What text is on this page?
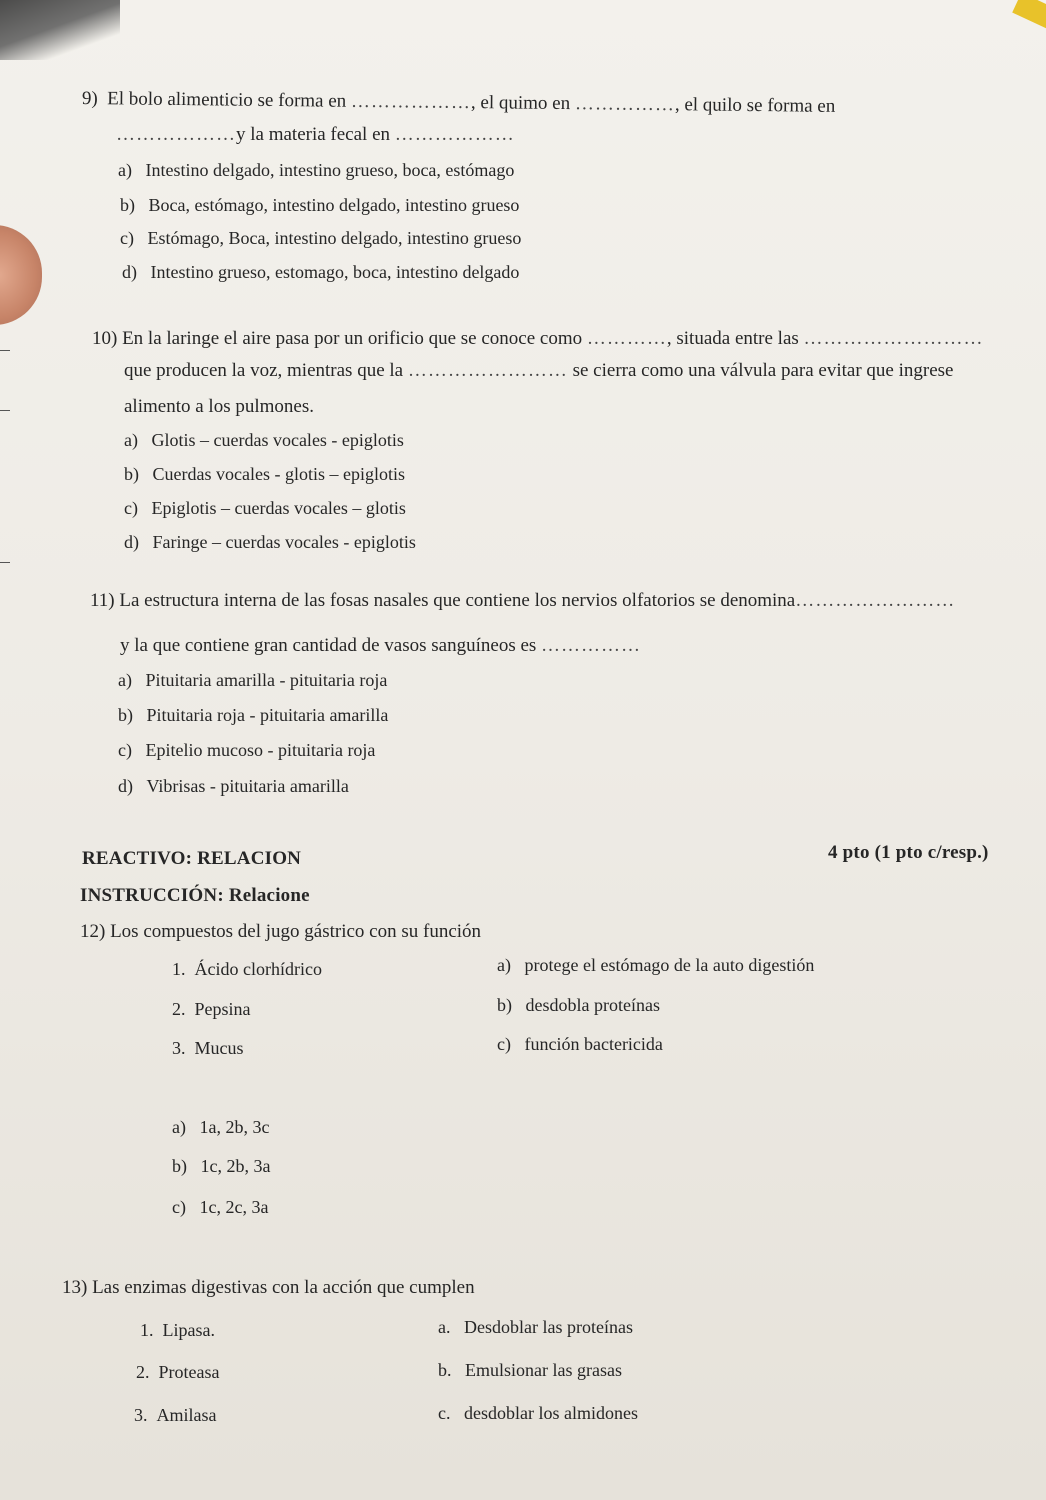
9) El bolo alimenticio se forma en ………………, el quimo en ……………, el quilo se forma en
………………y la materia fecal en ………………
a) Intestino delgado, intestino grueso, boca, estómago
b) Boca, estómago, intestino delgado, intestino grueso
c) Estómago, Boca, intestino delgado, intestino grueso
d) Intestino grueso, estomago, boca, intestino delgado
10) En la laringe el aire pasa por un orificio que se conoce como …………, situada entre las ………………………
que producen la voz, mientras que la …………………… se cierra como una válvula para evitar que ingrese
alimento a los pulmones.
a) Glotis – cuerdas vocales - epiglotis
b) Cuerdas vocales - glotis – epiglotis
c) Epiglotis – cuerdas vocales – glotis
d) Faringe – cuerdas vocales - epiglotis
11) La estructura interna de las fosas nasales que contiene los nervios olfatorios se denomina……………………
y la que contiene gran cantidad de vasos sanguíneos es ……………
a) Pituitaria amarilla - pituitaria roja
b) Pituitaria roja - pituitaria amarilla
c) Epitelio mucoso - pituitaria roja
d) Vibrisas - pituitaria amarilla
REACTIVO: RELACION	4 pto (1 pto c/resp.)
INSTRUCCIÓN: Relacione
12) Los compuestos del jugo gástrico con su función
1. Ácido clorhídrico
2. Pepsina
3. Mucus
a) protege el estómago de la auto digestión
b) desdobla proteínas
c) función bactericida
a) 1a, 2b, 3c
b) 1c, 2b, 3a
c) 1c, 2c, 3a
13) Las enzimas digestivas con la acción que cumplen
1. Lipasa.
2. Proteasa
3. Amilasa
a. Desdoblar las proteínas
b. Emulsionar las grasas
c. desdoblar los almidones
